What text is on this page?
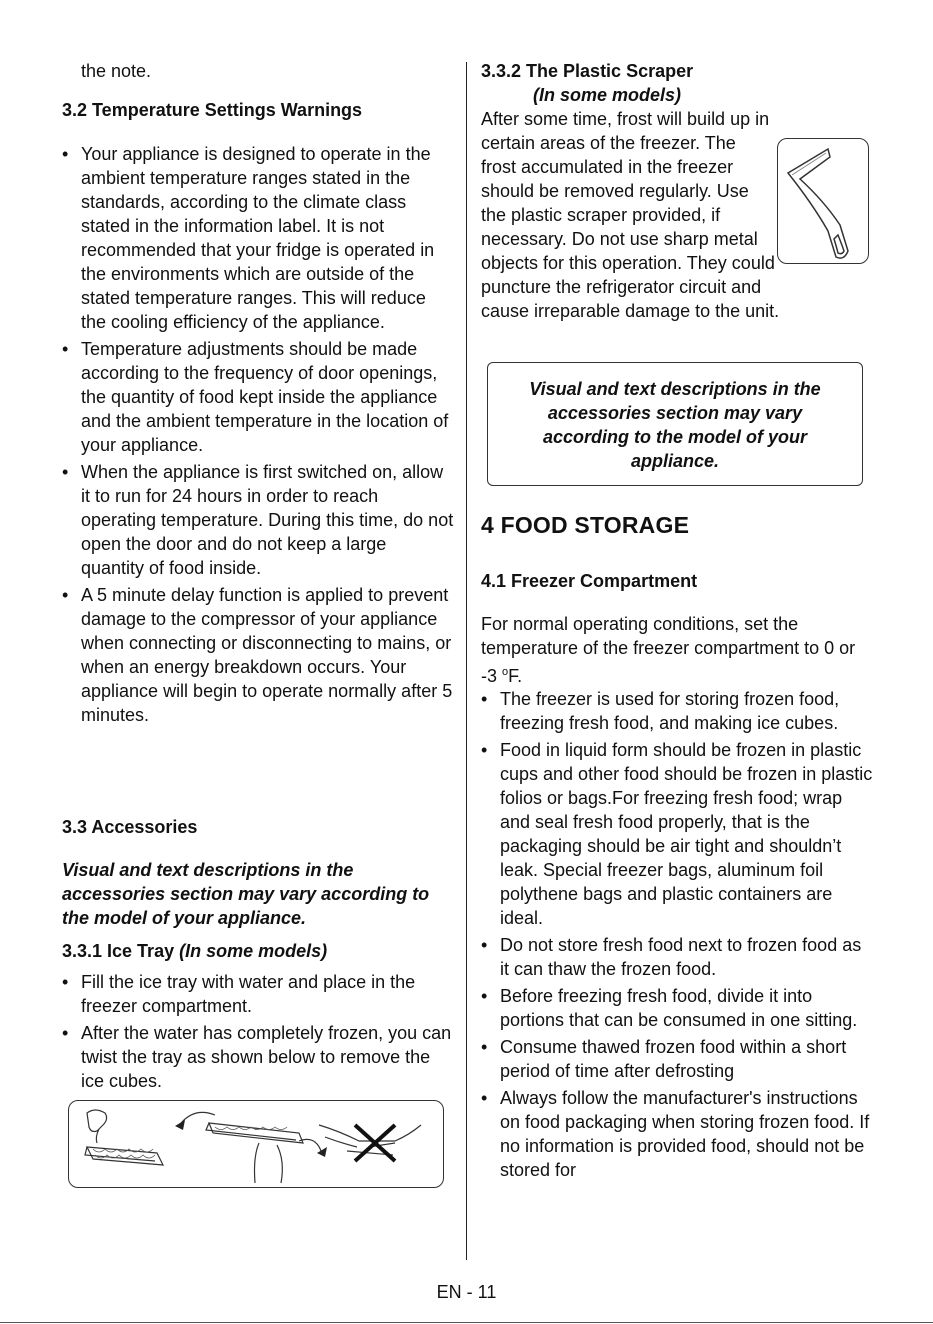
the note.

3.2 Temperature Settings Warnings

• Your appliance is designed to operate in the ambient temperature ranges stated in the standards, according to the climate class stated in the information label. It is not recommended that your fridge is operated in the environments which are outside of the stated temperature ranges. This will reduce the cooling efficiency of the appliance.
• Temperature adjustments should be made according to the frequency of door openings, the quantity of food kept inside the appliance and the ambient temperature in the location of your appliance.
• When the appliance is first switched on, allow it to run for 24 hours in order to reach operating temperature. During this time, do not open the door and do not keep a large quantity of food inside.
• A 5 minute delay function is applied to prevent damage to the compressor of your appliance when connecting or disconnecting to mains, or when an energy breakdown occurs. Your appliance will begin to operate normally after 5 minutes.

3.3 Accessories

Visual and text descriptions in the accessories section may vary according to the model of your appliance.

3.3.1 Ice Tray (In some models)

• Fill the ice tray with water and place in the freezer compartment.
• After the water has completely frozen, you can twist the tray as shown below to remove the ice cubes.

3.3.2 The Plastic Scraper

(In some models)

After some time, frost will build up in certain areas of the freezer. The frost accumulated in the freezer should be removed regularly. Use the plastic scraper provided, if necessary. Do not use sharp metal objects for this operation. They could puncture the refrigerator circuit and cause irreparable damage to the unit.

Visual and text descriptions in the accessories section may vary according to the model of your appliance.

4 FOOD STORAGE

4.1 Freezer Compartment

For normal operating conditions, set the temperature of the freezer compartment to 0 or -3 $^o$F.

• The freezer is used for storing frozen food, freezing fresh food, and making ice cubes.
• Food in liquid form should be frozen in plastic cups and other food should be frozen in plastic folios or bags.For freezing fresh food; wrap and seal fresh food properly, that is the packaging should be air tight and shouldn’t leak. Special freezer bags, aluminum foil polythene bags and plastic containers are ideal.
• Do not store fresh food next to frozen food as it can thaw the frozen food.
• Before freezing fresh food, divide it into portions that can be consumed in one sitting.
• Consume thawed frozen food within a short period of time after defrosting
• Always follow the manufacturer's instructions on food packaging when storing frozen food. If no information is provided food, should not be stored for
EN - 11
